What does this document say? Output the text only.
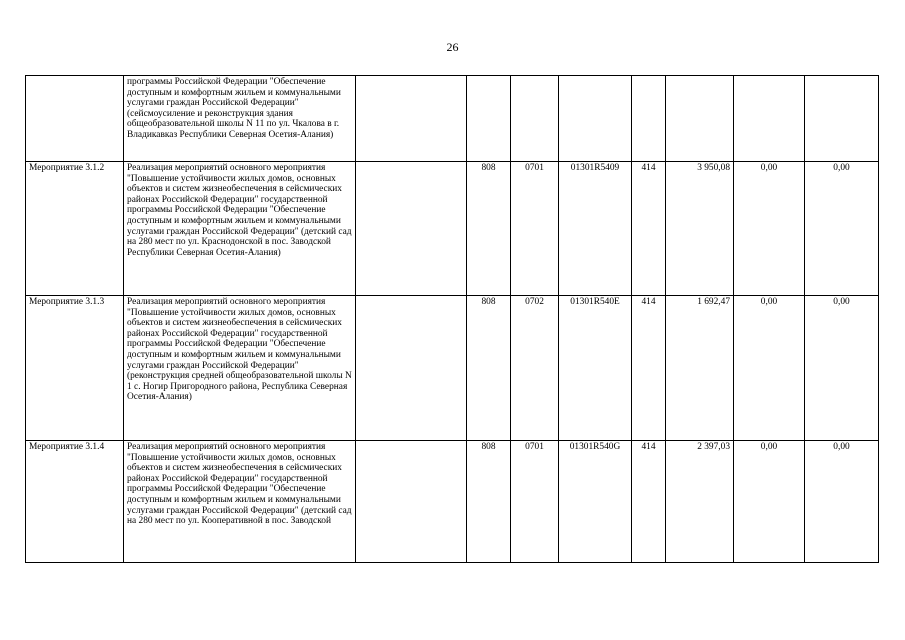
26
	программы Российской Федерации "Обеспечение доступным и комфортным жильем и коммунальными услугами граждан Российской Федерации" (сейсмоусиление и реконструкция здания общеобразовательной школы N 11 по ул. Чкалова в г. Владикавказ Республики Северная Осетия-Алания)								
Мероприятие 3.1.2	Реализация мероприятий основного мероприятия "Повышение устойчивости жилых домов, основных объектов и систем жизнеобеспечения в сейсмических районах Российской Федерации" государственной программы Российской Федерации "Обеспечение доступным и комфортным жильем и коммунальными услугами граждан Российской Федерации" (детский сад на 280 мест по ул. Краснодонской в пос. Заводской Республики Северная Осетия-Алания)		808	0701	01301R5409	414	3 950,08	0,00	0,00
Мероприятие 3.1.3	Реализация мероприятий основного мероприятия "Повышение устойчивости жилых домов, основных объектов и систем жизнеобеспечения в сейсмических районах Российской Федерации" государственной программы Российской Федерации "Обеспечение доступным и комфортным жильем и коммунальными услугами граждан Российской Федерации" (реконструкция средней общеобразовательной школы N 1 с. Ногир Пригородного района, Республика Северная Осетия-Алания)		808	0702	01301R540E	414	1 692,47	0,00	0,00
Мероприятие 3.1.4	Реализация мероприятий основного мероприятия "Повышение устойчивости жилых домов, основных объектов и систем жизнеобеспечения в сейсмических районах Российской Федерации" государственной программы Российской Федерации "Обеспечение доступным и комфортным жильем и коммунальными услугами граждан Российской Федерации" (детский сад на 280 мест по ул. Кооперативной в пос. Заводской		808	0701	01301R540G	414	2 397,03	0,00	0,00
